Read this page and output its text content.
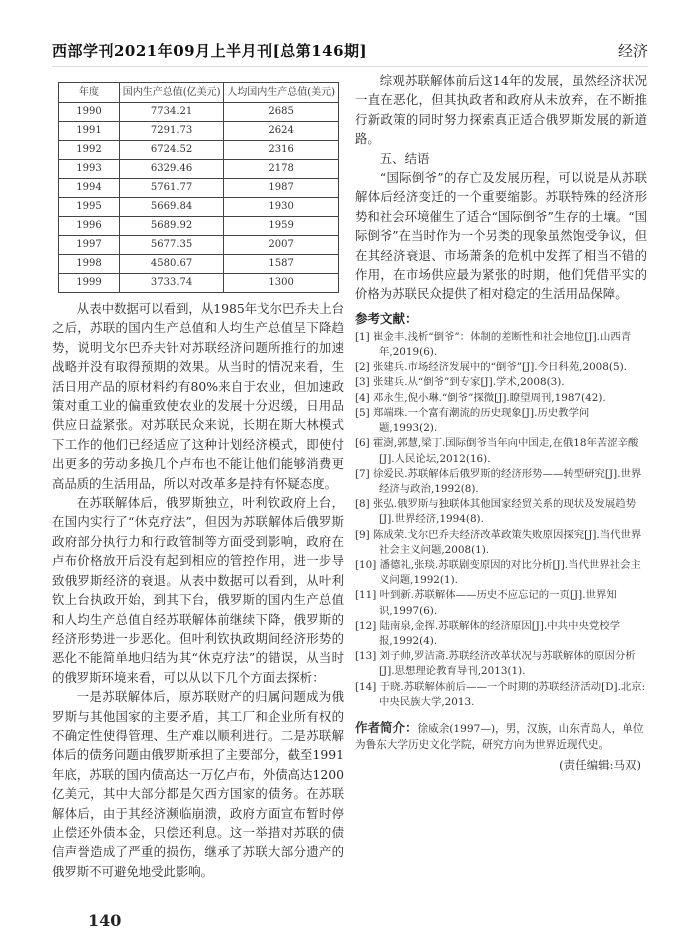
西部学刊2021年09月上半月刊[总第146期]	经济
年度	国内生产总值(亿美元)	人均国内生产总值(美元)
1990	7734.21	2685
1991	7291.73	2624
1992	6724.52	2316
1993	6329.46	2178
1994	5761.77	1987
1995	5669.84	1930
1996	5689.92	1959
1997	5677.35	2007
1998	4580.67	1587
1999	3733.74	1300

从表中数据可以看到，从1985年戈尔巴乔夫上台之后，苏联的国内生产总值和人均生产总值呈下降趋势，说明戈尔巴乔夫针对苏联经济问题所推行的加速战略并没有取得预期的效果。从当时的情况来看，生活日用产品的原材料约有80%来自于农业，但加速政策对重工业的偏重致使农业的发展十分迟缓，日用品供应日益紧张。对苏联民众来说，长期在斯大林模式下工作的他们已经适应了这种计划经济模式，即使付出更多的劳动多换几个卢布也不能让他们能够消费更高品质的生活用品，所以对改革多是持有怀疑态度。

在苏联解体后，俄罗斯独立，叶利钦政府上台，在国内实行了“休克疗法”，但因为苏联解体后俄罗斯政府部分执行力和行政管制等方面受到影响，政府在卢布价格放开后没有起到相应的管控作用，进一步导致俄罗斯经济的衰退。从表中数据可以看到，从叶利钦上台执政开始，到其下台，俄罗斯的国内生产总值和人均生产总值自经苏联解体前继续下降，俄罗斯的经济形势进一步恶化。但叶利钦执政期间经济形势的恶化不能简单地归结为其“休克疗法”的错误，从当时的俄罗斯环境来看，可以从以下几个方面去探析：

一是苏联解体后，原苏联财产的归属问题成为俄罗斯与其他国家的主要矛盾，其工厂和企业所有权的不确定性使得管理、生产难以顺利进行。二是苏联解体后的债务问题由俄罗斯承担了主要部分，截至1991年底，苏联的国内债高达一万亿卢布，外债高达1200亿美元，其中大部分都是欠西方国家的债务。在苏联解体后，由于其经济濒临崩溃，政府方面宣布暂时停止偿还外债本金，只偿还利息。这一举措对苏联的债信声誉造成了严重的损伤，继承了苏联大部分遗产的俄罗斯不可避免地受此影响。

综观苏联解体前后这14年的发展，虽然经济状况一直在恶化，但其执政者和政府从未放弃，在不断推行新政策的同时努力探索真正适合俄罗斯发展的新道路。

五、结语

“国际倒爷”的存亡及发展历程，可以说是从苏联解体后经济变迁的一个重要缩影。苏联特殊的经济形势和社会环境催生了适合“国际倒爷”生存的土壤。“国际倒爷”在当时作为一个另类的现象虽然饱受争议，但在其经济衰退、市场萧条的危机中发挥了相当不错的作用，在市场供应最为紧张的时期，他们凭借平实的价格为苏联民众提供了相对稳定的生活用品保障。

参考文献：
[1] 崔金丰.浅析“倒爷”：体制的差断性和社会地位[J].山西青年,2019(6).
[2] 张建兵.市场经济发展中的“倒爷”[J].今日科苑,2008(5).
[3] 张建兵.从“倒爷”到专家[J].学术,2008(3).
[4] 邓永生,倪小琳.“倒爷”探微[J].瞭望周刊,1987(42).
[5] 郑端珠.一个富有潮流的历史现象[J].历史教学问题,1993(2).
[6] 霍澍,郭慧,梁丁.国际倒爷当年向中国走,在俄18年苦涩辛酸[J].人民论坛,2012(16).
[7] 徐爱民.苏联解体后俄罗斯的经济形势——转型研究[J].世界经济与政治,1992(8).
[8] 张弘.俄罗斯与独联体其他国家经贸关系的现状及发展趋势[J].世界经济,1994(8).
[9] 陈成荣.戈尔巴乔夫经济改革政策失败原因探究[J].当代世界社会主义问题,2008(1).
[10] 潘德礼,张琰.苏联剧变原因的对比分析[J].当代世界社会主义问题,1992(1).
[11] 叶到新.苏联解体——历史不应忘记的一页[J].世界知识,1997(6).
[12] 陆南泉,金挥.苏联解体的经济原因[J].中共中央党校学报,1992(4).
[13] 刘子帅,罗洁斋.苏联经济改革状况与苏联解体的原因分析[J].思想理论教育导刊,2013(1).
[14] 于晓.苏联解体前后——一个时期的苏联经济活动[D].北京:中央民族大学,2013.
作者简介：徐威余(1997—)，男，汉族，山东青岛人，单位为鲁东大学历史文化学院，研究方向为世界近现代史。
(责任编辑:马双)
140
